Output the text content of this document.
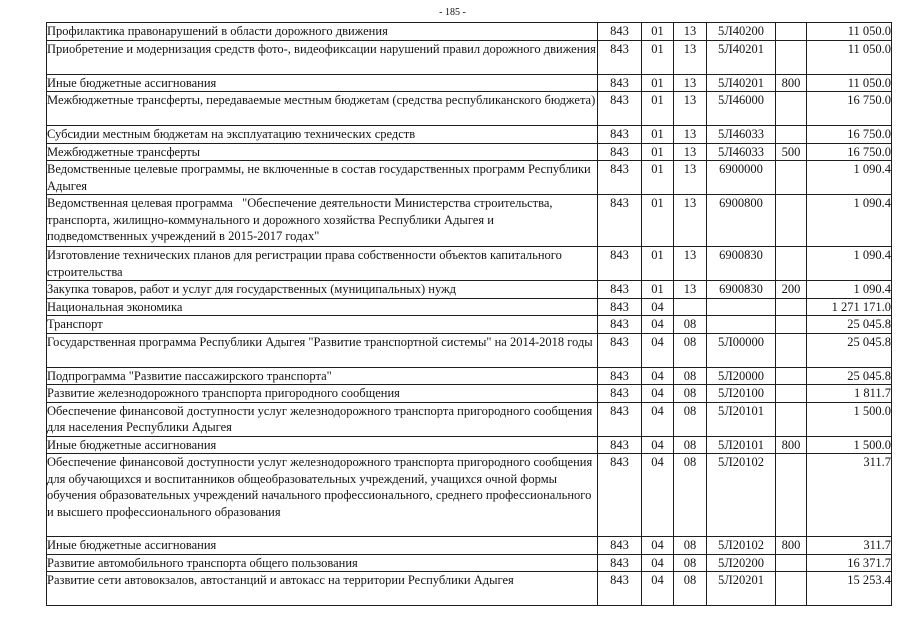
- 185 -
Профилактика правонарушений в области дорожного движения	843	01	13	5Л40200		11 050.0
Приобретение и модернизация средств фото-, видеофиксации нарушений правил дорожного движения	843	01	13	5Л40201		11 050.0
Иные бюджетные ассигнования	843	01	13	5Л40201	800	11 050.0
Межбюджетные трансферты, передаваемые местным бюджетам (средства республиканского бюджета)	843	01	13	5Л46000		16 750.0
Субсидии местным бюджетам на эксплуатацию технических средств	843	01	13	5Л46033		16 750.0
Межбюджетные трансферты	843	01	13	5Л46033	500	16 750.0
Ведомственные целевые программы, не включенные в состав государственных программ Республики Адыгея	843	01	13	6900000		1 090.4
Ведомственная целевая программа   "Обеспечение деятельности Министерства строительства, транспорта, жилищно-коммунального и дорожного хозяйства Республики Адыгея и подведомственных учреждений в 2015-2017 годах"	843	01	13	6900800		1 090.4
Изготовление технических планов для регистрации права собственности объектов капитального строительства	843	01	13	6900830		1 090.4
Закупка товаров, работ и услуг для государственных (муниципальных) нужд	843	01	13	6900830	200	1 090.4
Национальная экономика	843	04				1 271 171.0
Транспорт	843	04	08			25 045.8
Государственная программа Республики Адыгея "Развитие транспортной системы" на 2014-2018 годы	843	04	08	5Л00000		25 045.8
Подпрограмма "Развитие пассажирского транспорта"	843	04	08	5Л20000		25 045.8
Развитие железнодорожного транспорта пригородного сообщения	843	04	08	5Л20100		1 811.7
Обеспечение финансовой доступности услуг железнодорожного транспорта пригородного сообщения для населения Республики Адыгея	843	04	08	5Л20101		1 500.0
Иные бюджетные ассигнования	843	04	08	5Л20101	800	1 500.0
Обеспечение финансовой доступности услуг железнодорожного транспорта пригородного сообщения для обучающихся и воспитанников общеобразовательных учреждений, учащихся очной формы обучения образовательных учреждений начального профессионального, среднего профессионального и высшего профессионального образования	843	04	08	5Л20102		311.7
Иные бюджетные ассигнования	843	04	08	5Л20102	800	311.7
Развитие автомобильного транспорта общего пользования	843	04	08	5Л20200		16 371.7
Развитие сети автовокзалов, автостанций и автокасс на территории Республики Адыгея	843	04	08	5Л20201		15 253.4
